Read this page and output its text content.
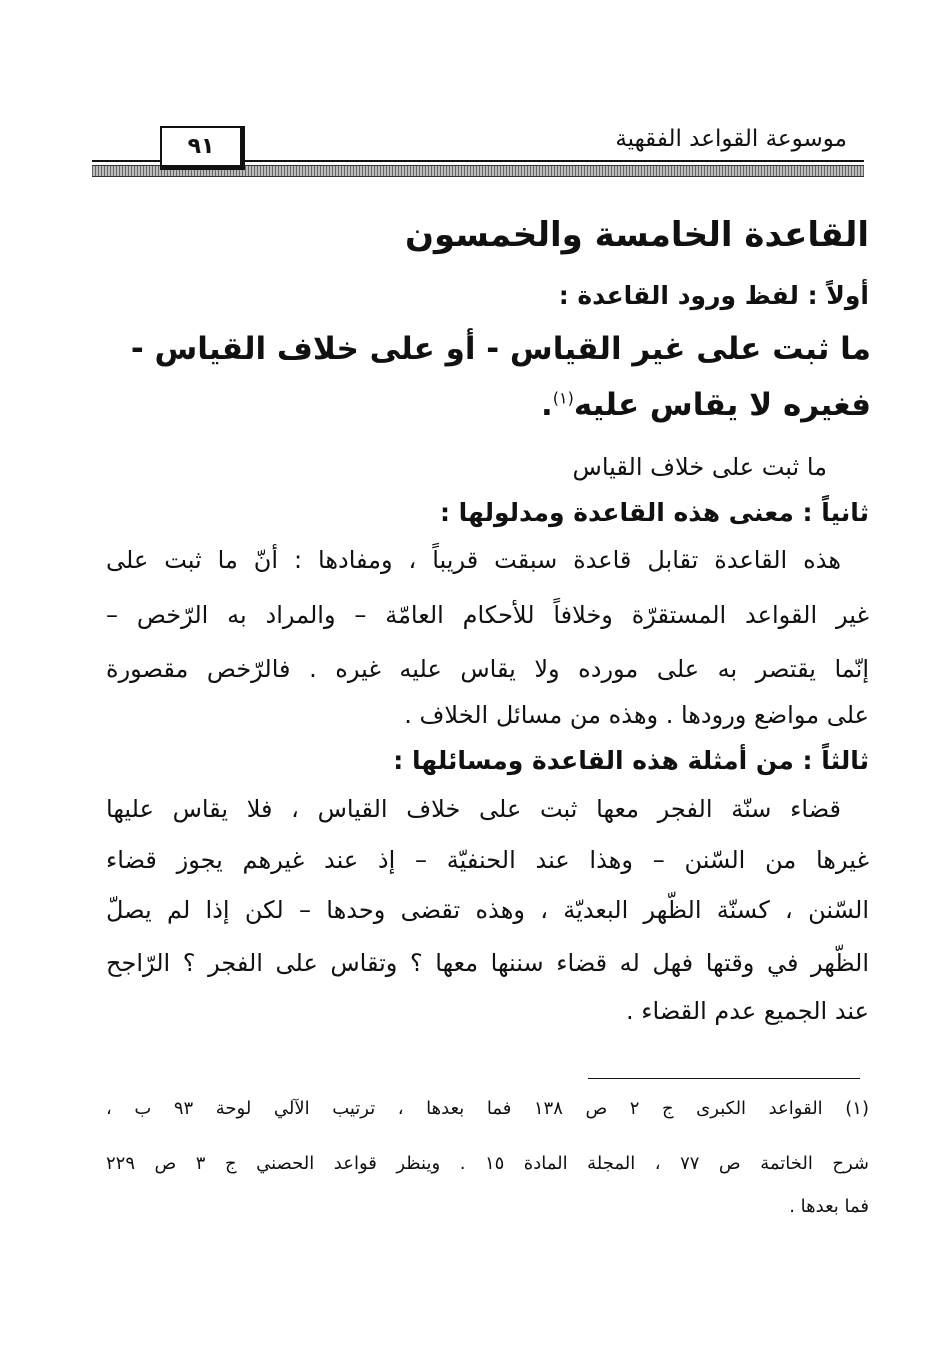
موسوعة القواعد الفقهية
٩١
القاعدة الخامسة والخمسون
أولاً : لفظ ورود القاعدة :
ما ثبت على غير القياس - أو على خلاف القياس -
فغيره لا يقاس عليه$^{(١)}$.
ما ثبت على خلاف القياس
ثانياً : معنى هذه القاعدة ومدلولها :
هذه القاعدة تقابل قاعدة سبقت قريباً ، ومفادها : أنّ ما ثبت على
غير القواعد المستقرّة وخلافاً للأحكام العامّة – والمراد به الرّخص –
إنّما يقتصر به على مورده ولا يقاس عليه غيره . فالرّخص مقصورة
على مواضع ورودها . وهذه من مسائل الخلاف .
ثالثاً : من أمثلة هذه القاعدة ومسائلها :
قضاء سنّة الفجر معها ثبت على خلاف القياس ، فلا يقاس عليها
غيرها من السّنن – وهذا عند الحنفيّة – إذ عند غيرهم يجوز قضاء
السّنن ، كسنّة الظّهر البعديّة ، وهذه تقضى وحدها – لكن إذا لم يصلّ
الظّهر في وقتها فهل له قضاء سننها معها ؟ وتقاس على الفجر ؟ الرّاجح
عند الجميع عدم القضاء .
(١) القواعد الكبرى ج ٢ ص ١٣٨ فما بعدها ، ترتيب الآلي لوحة ٩٣ ب ،
شرح الخاتمة ص ٧٧ ، المجلة المادة ١٥ . وينظر قواعد الحصني ج ٣ ص ٢٢٩
فما بعدها .
